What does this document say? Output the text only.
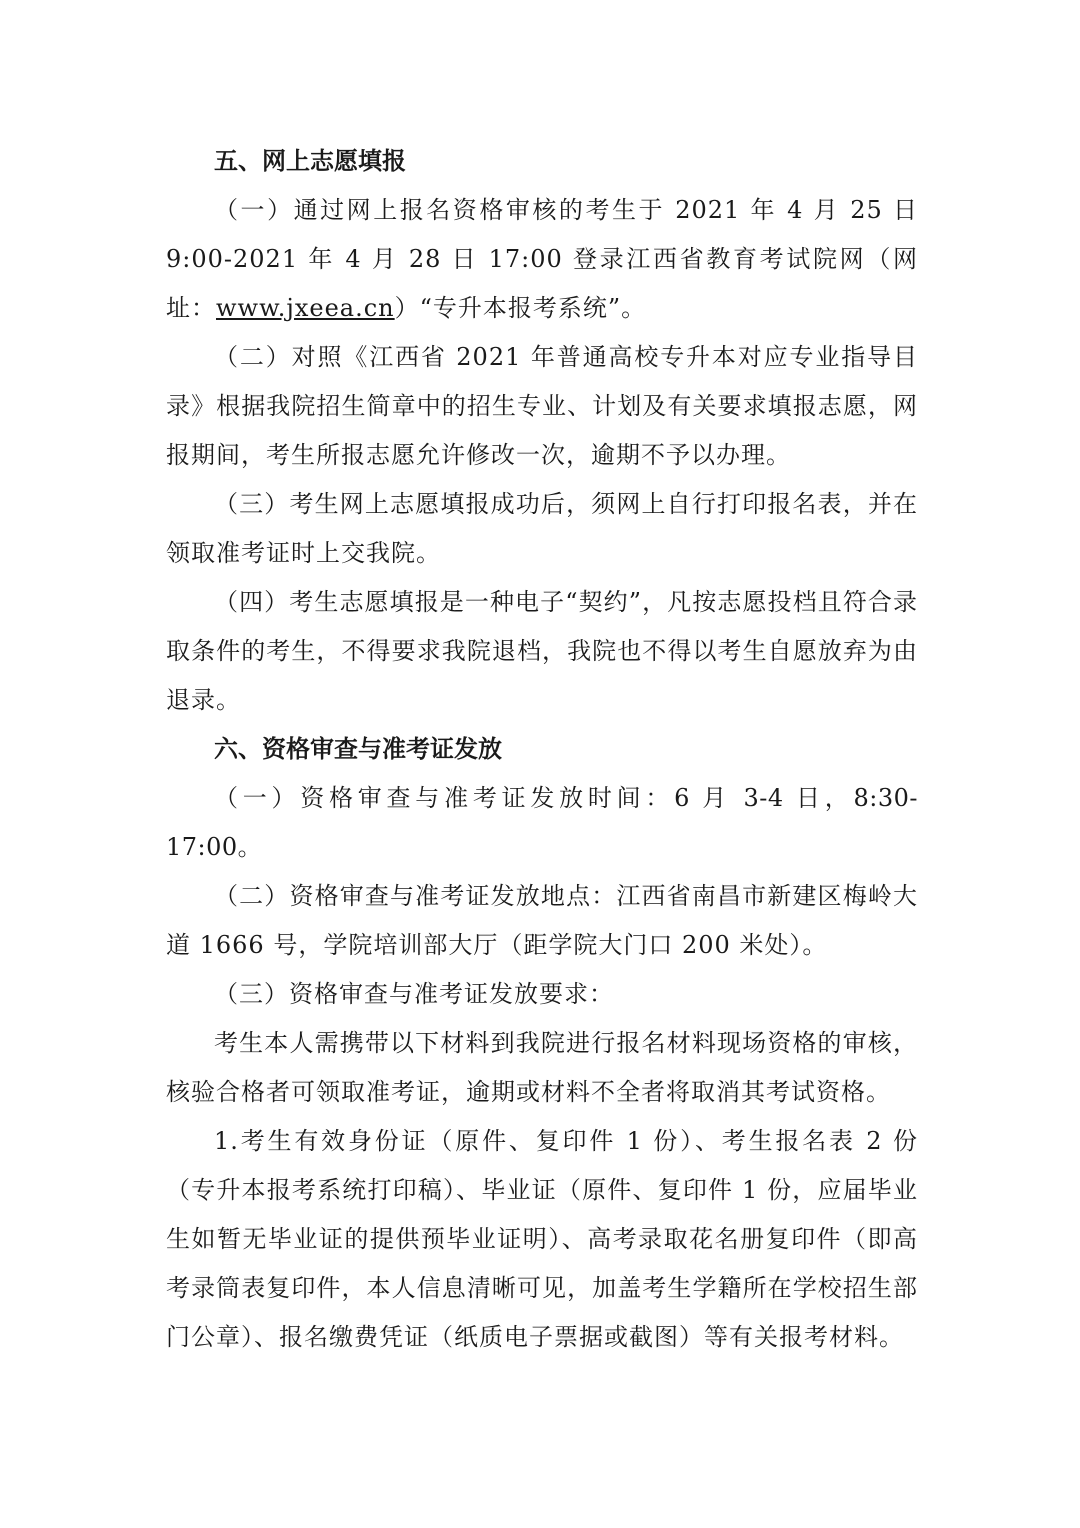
五、网上志愿填报

（一）通过网上报名资格审核的考生于 2021 年 4 月 25 日 9:00-2021 年 4 月 28 日 17:00 登录江西省教育考试院网（网址：www.jxeea.cn）“专升本报考系统”。

（二）对照《江西省 2021 年普通高校专升本对应专业指导目录》根据我院招生简章中的招生专业、计划及有关要求填报志愿，网报期间，考生所报志愿允许修改一次，逾期不予以办理。

（三）考生网上志愿填报成功后，须网上自行打印报名表，并在领取准考证时上交我院。

（四）考生志愿填报是一种电子“契约”，凡按志愿投档且符合录取条件的考生，不得要求我院退档，我院也不得以考生自愿放弃为由退录。

六、资格审查与准考证发放

（一）资格审查与准考证发放时间：6 月 3-4 日，8:30-17:00。

（二）资格审查与准考证发放地点：江西省南昌市新建区梅岭大道 1666 号，学院培训部大厅（距学院大门口 200 米处）。

（三）资格审查与准考证发放要求：

考生本人需携带以下材料到我院进行报名材料现场资格的审核，核验合格者可领取准考证，逾期或材料不全者将取消其考试资格。

1.考生有效身份证（原件、复印件 1 份）、考生报名表 2 份（专升本报考系统打印稿）、毕业证（原件、复印件 1 份，应届毕业生如暂无毕业证的提供预毕业证明）、高考录取花名册复印件（即高考录筒表复印件，本人信息清晰可见，加盖考生学籍所在学校招生部门公章）、报名缴费凭证（纸质电子票据或截图）等有关报考材料。
